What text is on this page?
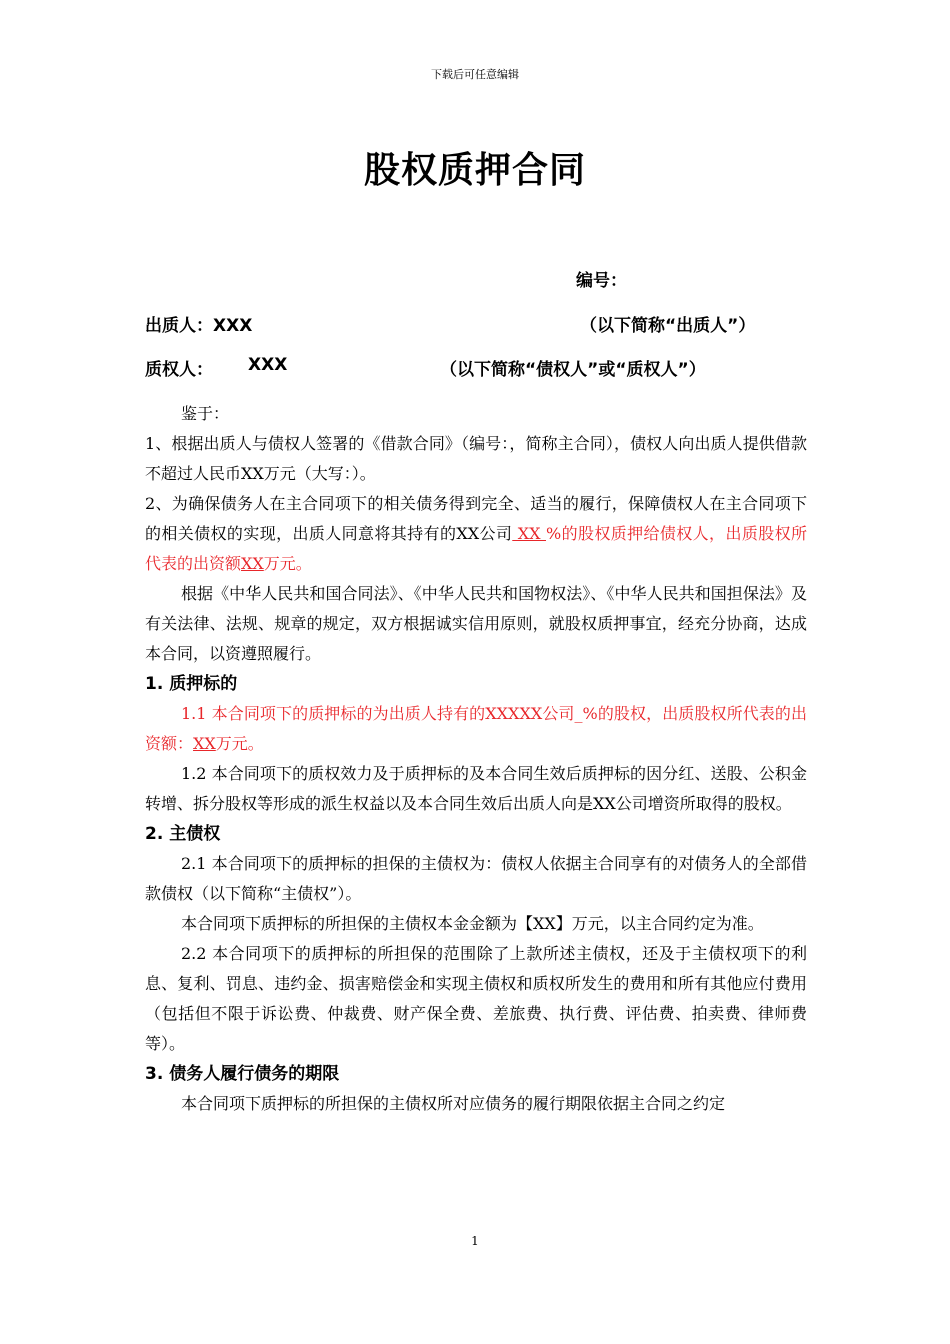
下载后可任意编辑
股权质押合同
编号：
出质人：XXX	（以下简称“出质人”）
质权人： XXX	（以下简称“债权人”或“质权人”）

鉴于：

1、根据出质人与债权人签署的《借款合同》（编号：，简称主合同），债权人向出质人提供借款不超过人民币XX万元（大写：）。

2、为确保债务人在主合同项下的相关债务得到完全、适当的履行，保障债权人在主合同项下的相关债权的实现，出质人同意将其持有的XX公司 XX %的股权质押给债权人，出质股权所代表的出资额XX万元。

根据《中华人民共和国合同法》、《中华人民共和国物权法》、《中华人民共和国担保法》及有关法律、法规、规章的规定，双方根据诚实信用原则，就股权质押事宜，经充分协商，达成本合同，以资遵照履行。

1. 质押标的

1.1 本合同项下的质押标的为出质人持有的XXXXX公司_%的股权，出质股权所代表的出资额：XX万元。

1.2 本合同项下的质权效力及于质押标的及本合同生效后质押标的因分红、送股、公积金转增、拆分股权等形成的派生权益以及本合同生效后出质人向是XX公司增资所取得的股权。

2. 主债权

2.1 本合同项下的质押标的担保的主债权为：债权人依据主合同享有的对债务人的全部借款债权（以下简称“主债权”）。

本合同项下质押标的所担保的主债权本金金额为【XX】万元，以主合同约定为准。

2.2 本合同项下的质押标的所担保的范围除了上款所述主债权，还及于主债权项下的利息、复利、罚息、违约金、损害赔偿金和实现主债权和质权所发生的费用和所有其他应付费用（包括但不限于诉讼费、仲裁费、财产保全费、差旅费、执行费、评估费、拍卖费、律师费等）。

3. 债务人履行债务的期限

本合同项下质押标的所担保的主债权所对应债务的履行期限依据主合同之约定

1
